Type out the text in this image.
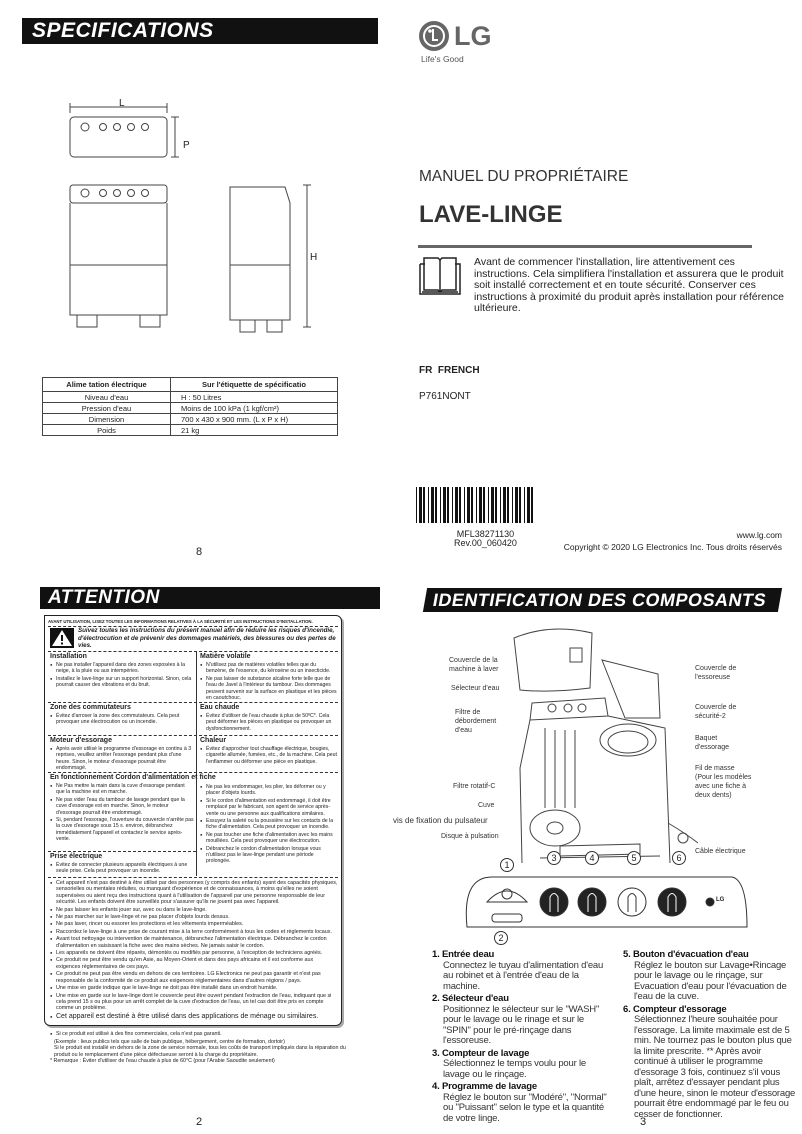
SPECIFICATIONS
L
P
H
Alime tation électrique	Sur l'étiquette de spécificatio
Niveau d'eau	H : 50 Litres
Pression d'eau	Moins de 100 kPa (1 kgf/cm²)
Dimension	700 x 430 x 900 mm. (L x P x H)
Poids	21 kg
8
LG
Life's Good
MANUEL DU PROPRIÉTAIRE
LAVE-LINGE
Avant de commencer l'installation, lire attentivement ces instructions. Cela simplifiera l'installation et assurera que le produit soit installé correctement et en toute sécurité. Conserver ces instructions à proximité du produit après installation pour référence ultérieure.
FR FRENCH
P761NONT
MFL38271130
Rev.00_060420
www.lg.com
Copyright © 2020 LG Electronics Inc. Tous droits réservés
ATTENTION
AVANT UTILISATION, LISEZ TOUTES LES INFORMATIONS RELATIVES À LA SÉCURITÉ ET LES INSTRUCTIONS D'INSTALLATION.
Suivez toutes les instructions du présent manuel afin de réduire les risques d'incendie, d'électrocution et de prévenir des dommages matériels, des blessures ou des pertes de vies.
Installation
● Ne pas installer l'appareil dans des zones exposées à la neige, à la pluie ou aux intempéries.
● Installez le lave-linge sur un support horizontal. Sinon, cela pourrait causer des vibrations et du bruit.
Matière volatile
● N'utilisez pas de matières volatiles telles que du benzène, de l'essence, du kérosène ou un insecticide.
● Ne pas laisser de substance alcaline forte telle que de l'eau de Javel à l'intérieur du tambour. Des dommages peuvent survenir sur la surface en plastique et les pièces en caoutchouc.
Zone des commutateurs
● Évitez d'arroser la zone des commutateurs. Cela peut provoquer une électrocution ou un incendie.
Eau chaude
● Évitez d'utiliser de l'eau chaude à plus de 50ºC*. Cela peut déformer les pièces en plastique ou provoquer un dysfonctionnement.
Moteur d'essorage
● Après avoir utilisé le programme d'essorage en continu à 3 reprises, veuillez arrêter l'essorage pendant plus d'une heure. Sinon, le moteur d'essorage pourrait être endommagé.
Chaleur
● Évitez d'approcher tout chauffage électrique, bougies, cigarette allumée, fumées, etc., de la machine. Cela peut l'enflammer ou déformer une pièce en plastique.
En fonctionnement Cordon d'alimentation et fiche
● Ne Pas mettre la main dans la cuve d'essorage pendant que la machine est en marche.
● Ne pas vider l'eau du tambour de lavage pendant que la cuve d'essorage est en marche. Sinon, le moteur d'essorage pourrait être endommagé.
● Si, pendant l'essorage, l'ouverture du couvercle n'arrête pas la cuve d'essorage sous 15 s. environ, débranchez immédiatement l'appareil et contactez le service après-vente.
● Ne pas les endommager, les plier, les déformer ou y placer d'objets lourds.
● Si le cordon d'alimentation est endommagé, il doit être remplacé par le fabricant, son agent de service après-vente ou une personne aux qualifications similaires.
● Essuyez la saleté ou la poussière sur les contacts de la fiche d'alimentation. Cela peut provoquer un incendie.
● Ne pas toucher une fiche d'alimentation avec les mains mouillées. Cela peut provoquer une électrocution.
● Débranchez le cordon d'alimentation lorsque vous n'utilisez pas le lave-linge pendant une période prolongée.
Prise électrique
● Évitez de connecter plusieurs appareils électriques à une seule prise. Cela peut provoquer un incendie.
● Cet appareil n'est pas destiné à être utilisé par des personnes (y compris des enfants) ayant des capacités physiques, sensorielles ou mentales réduites, ou manquant d'expérience et de connaissances, à moins qu'elles ne soient supervisées ou aient reçu des instructions quant à l'utilisation de l'appareil par une personne responsable de leur sécurité. Les enfants doivent être surveillés pour s'assurer qu'ils ne jouent pas avec l'appareil.
● Ne pas laisser les enfants jouer sur, avec ou dans le lave-linge.
● Ne pas marcher sur le lave-linge et ne pas placer d'objets lourds dessus.
● Ne pas laver, rincer ou essorer les protections et les vêtements imperméables.
● Raccordez le lave-linge à une prise de courant mise à la terre conformément à tous les codes et règlements locaux.
● Avant tout nettoyage ou intervention de maintenance, débranchez l'alimentation électrique. Débranchez le cordon d'alimentation en saisissant la fiche avec des mains sèches. Ne jamais saisir le cordon.
● Les appareils ne doivent être réparés, démontés ou modifiés par personne, à l'exception de techniciens agréés.
● Ce produit ne peut être vendu qu'en Asie, au Moyen-Orient et dans des pays africains et il est conforme aux exigences réglementaires de ces pays.
● Ce produit ne peut pas être vendu en dehors de ces territoires. LG Electronics ne peut pas garantir et n'est pas responsable de la conformité de ce produit aux exigences réglementaires dans d'autres régions / pays.
● Une mise en garde indique que le lave-linge ne doit pas être installé dans un endroit humide.
● Une mise en garde sur le lave-linge dont le couvercle peut être ouvert pendant l'extraction de l'eau, indiquant que si cela prend 15 s ou plus pour un arrêt complet de la cuve d'extraction de l'eau, un tel cas doit être pris en compte comme un problème.
● Cet appareil est destiné à être utilisé dans des applications de ménage ou similaires.
● Si ce produit est utilisé à des fins commerciales, cela n'est pas garanti.
(Exemple : lieux publics tels que salle de bain publique, hébergement, centre de formation, dortoir)
Si le produit est installé en dehors de la zone de service normale, tous les coûts de transport impliqués dans la réparation du produit ou le remplacement d'une pièce défectueuse seront à la charge du propriétaire.
* Remarque : Éviter d'utiliser de l'eau chaude à plus de 60°C (pour l'Arabie Saoudite seulement)
2
IDENTIFICATION DES COMPOSANTS
Couvercle de la machine à laver
Sélecteur d'eau
Filtre de débordement d'eau
Filtre rotatif-C
Cuve
vis de fixation du pulsateur
Disque à pulsation
Couvercle de l'essoreuse
Couvercle de sécurité-2
Baquet d'essorage
Fil de masse
(Pour les modèles avec une fiche à deux dents)
Câble électrique
LG
1
2
3	4	5	6
1. Entrée deau
Connectez le tuyau d'alimentation d'eau au robinet et à l'entrée d'eau de la machine.
2. Sélecteur d'eau
Positionnez le sélecteur sur le "WASH" pour le lavage ou le rinage et sur le "SPIN" pour le pré-rinçage dans l'essoreuse.
3. Compteur de lavage
Sélectionnez le temps voulu pour le lavage ou le rinçage.
4. Programme de lavage
Réglez le bouton sur "Modéré", "Normal" ou "Puissant" selon le type et la quantité de votre linge.
5. Bouton d'évacuation d'eau
Réglez le bouton sur Lavage•Rincage pour le lavage ou le rinçage, sur Evacuation d'eau pour l'évacuation de l'eau de la cuve.
6. Compteur d'essorage
Sélectionnez l'heure souhaitée pour l'essorage. La limite maximale est de 5 min. Ne tournez pas le bouton plus que la limite prescrite. ** Après avoir continué à utiliser le programme d'essorage 3 fois, continuez s'il vous plaît, arrêtez d'essayer pendant plus d'une heure, sinon le moteur d'essorage pourrait être endommagé par le feu ou cesser de fonctionner.
3
